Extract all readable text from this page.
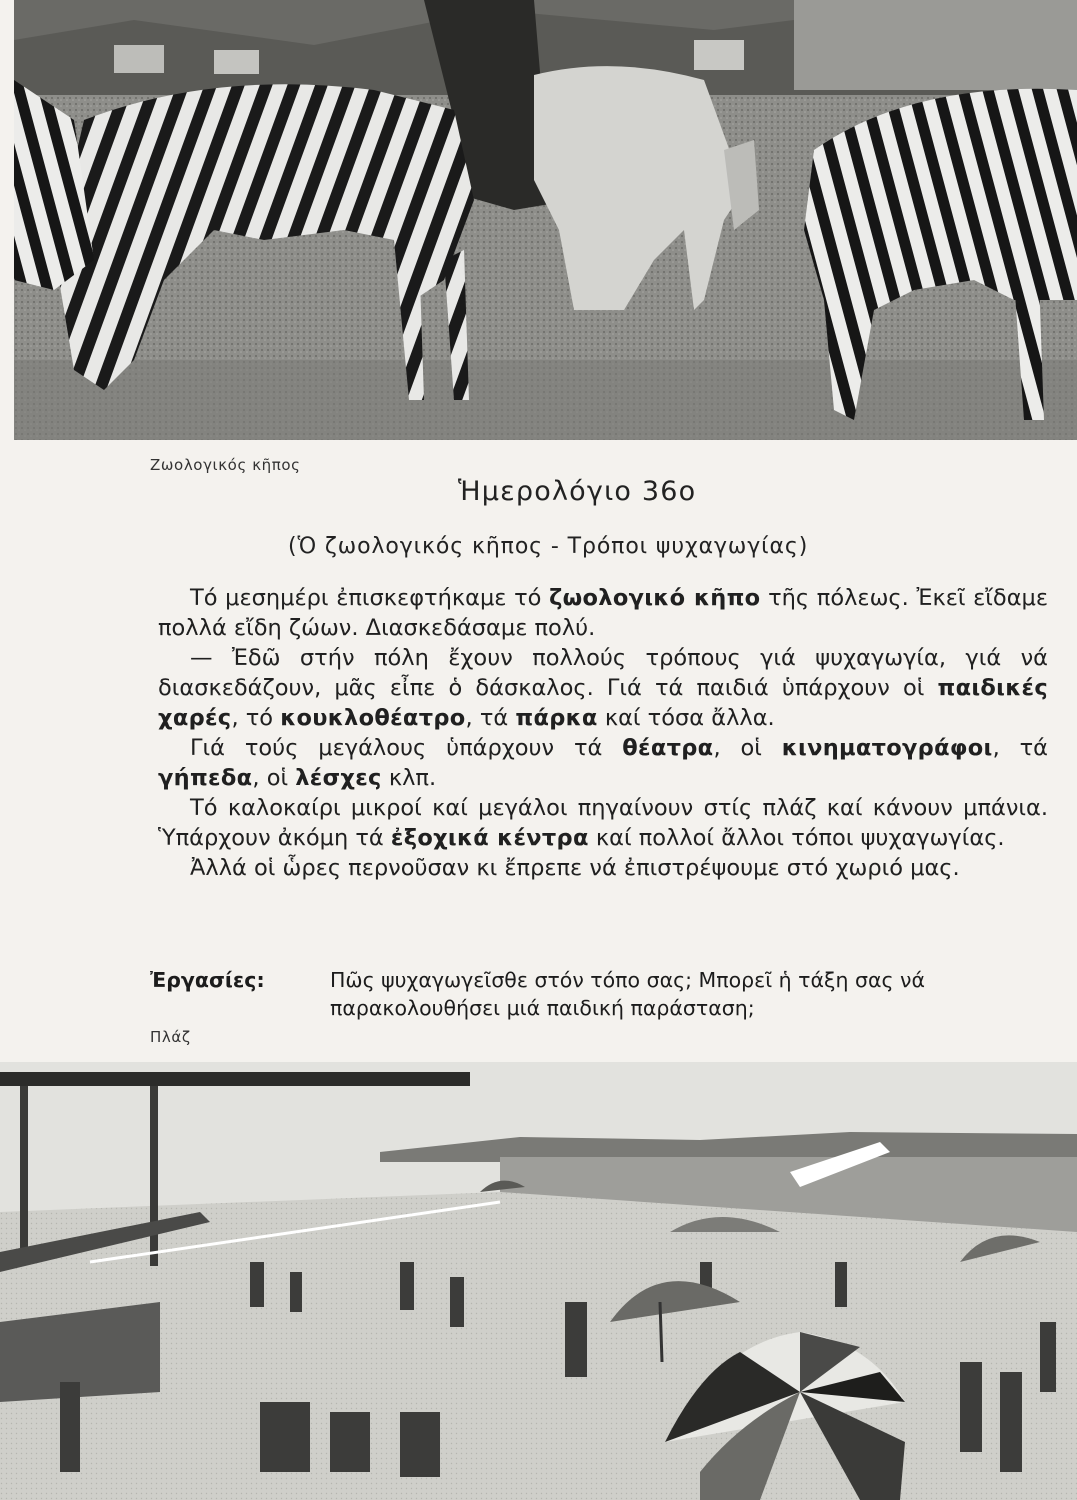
Ζωολογικός κῆπος
Ἡμερολόγιο 36ο
(Ὁ ζωολογικός κῆπος - Τρόποι ψυχαγωγίας)

Τό μεσημέρι ἐπισκεφτήκαμε τό ζωολογικό κῆπο τῆς πόλεως. Ἐκεῖ εἴδαμε πολλά εἴδη ζώων. Διασκεδάσαμε πολύ.

— Ἐδῶ στήν πόλη ἔχουν πολλούς τρόπους γιά ψυχαγωγία, γιά νά διασκεδάζουν, μᾶς εἶπε ὁ δάσκαλος. Γιά τά παιδιά ὑπάρχουν οἱ παιδικές χαρές, τό κουκλοθέατρο, τά πάρκα καί τόσα ἄλλα.

Γιά τούς μεγάλους ὑπάρχουν τά θέατρα, οἱ κινηματογράφοι, τά γήπεδα, οἱ λέσχες κλπ.

Τό καλοκαίρι μικροί καί μεγάλοι πηγαίνουν στίς πλάζ καί κάνουν μπάνια. Ὑπάρχουν ἀκόμη τά ἐξοχικά κέντρα καί πολλοί ἄλλοι τόποι ψυχαγωγίας.

Ἀλλά οἱ ὧρες περνοῦσαν κι ἔπρεπε νά ἐπιστρέψουμε στό χωριό μας.

Ἐργασίες:	Πῶς ψυχαγωγεῖσθε στόν τόπο σας; Μπορεῖ ἡ τάξη σας νά παρακολουθήσει μιά παιδική παράσταση;
Πλάζ
